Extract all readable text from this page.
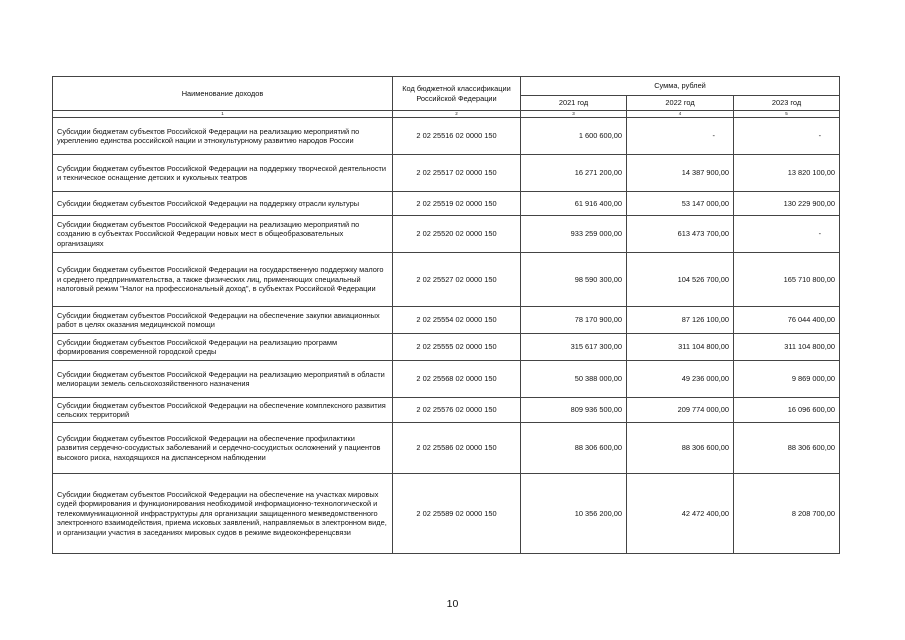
Наименование доходов	Код бюджетной классификации Российской Федерации	Сумма, рублей		
		2021 год	2022 год	2023 год
1	2	3	4	5
Субсидии бюджетам субъектов Российской Федерации на реализацию мероприятий по укреплению единства российской нации и этнокультурному развитию народов России	2 02 25516 02 0000 150	1 600 600,00	-	-
Субсидии бюджетам субъектов Российской Федерации на поддержку творческой деятельности и техническое оснащение детских и кукольных театров	2 02 25517 02 0000 150	16 271 200,00	14 387 900,00	13 820 100,00
Субсидии бюджетам субъектов Российской Федерации на поддержку отрасли культуры	2 02 25519 02 0000 150	61 916 400,00	53 147 000,00	130 229 900,00
Субсидии бюджетам субъектов Российской Федерации на реализацию мероприятий по созданию в субъектах Российской Федерации новых мест в общеобразовательных организациях	2 02 25520 02 0000 150	933 259 000,00	613 473 700,00	-
Субсидии бюджетам субъектов Российской Федерации на государственную поддержку малого и среднего предпринимательства, а также физических лиц, применяющих специальный налоговый режим "Налог на профессиональный доход", в субъектах Российской Федерации	2 02 25527 02 0000 150	98 590 300,00	104 526 700,00	165 710 800,00
Субсидии бюджетам субъектов Российской Федерации на обеспечение закупки авиационных работ в целях оказания медицинской помощи	2 02 25554 02 0000 150	78 170 900,00	87 126 100,00	76 044 400,00
Субсидии бюджетам субъектов Российской Федерации на реализацию программ формирования современной городской среды	2 02 25555 02 0000 150	315 617 300,00	311 104 800,00	311 104 800,00
Субсидии бюджетам субъектов Российской Федерации на реализацию мероприятий в области мелиорации земель сельскохозяйственного назначения	2 02 25568 02 0000 150	50 388 000,00	49 236 000,00	9 869 000,00
Субсидии бюджетам субъектов Российской Федерации на обеспечение комплексного развития сельских территорий	2 02 25576 02 0000 150	809 936 500,00	209 774 000,00	16 096 600,00
Субсидии бюджетам субъектов Российской Федерации на обеспечение профилактики развития сердечно-сосудистых заболеваний и сердечно-сосудистых осложнений у пациентов высокого риска, находящихся на диспансерном наблюдении	2 02 25586 02 0000 150	88 306 600,00	88 306 600,00	88 306 600,00
Субсидии бюджетам субъектов Российской Федерации на обеспечение на участках мировых судей формирования и функционирования необходимой информационно-технологической и телекоммуникационной инфраструктуры для организации защищенного межведомственного электронного взаимодействия, приема исковых заявлений, направляемых в электронном виде, и организации участия в заседаниях мировых судов в режиме видеоконференцсвязи	2 02 25589 02 0000 150	10 356 200,00	42 472 400,00	8 208 700,00
10
